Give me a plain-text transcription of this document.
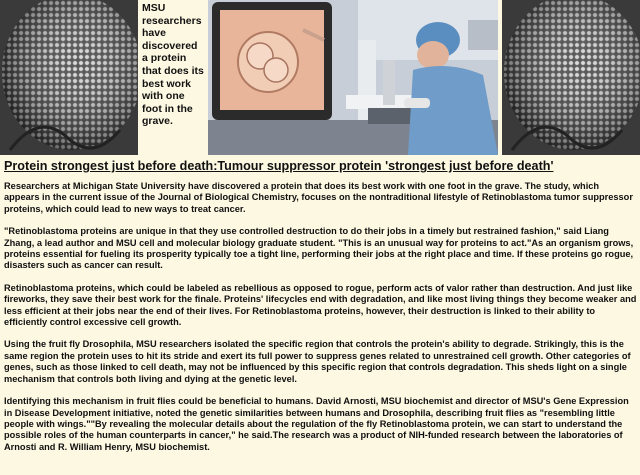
MSU researchers have discovered a protein that does its best work with one foot in the grave.
Protein strongest just before death:Tumour suppressor protein 'strongest just before death'

Researchers at Michigan State University have discovered a protein that does its best work with one foot in the grave. The study, which appears in the current issue of the Journal of Biological Chemistry, focuses on the nontraditional lifestyle of Retinoblastoma tumor suppressor proteins, which could lead to new ways to treat cancer.

"Retinoblastoma proteins are unique in that they use controlled destruction to do their jobs in a timely but restrained fashion," said Liang Zhang, a lead author and MSU cell and molecular biology graduate student. "This is an unusual way for proteins to act."As an organism grows, proteins essential for fueling its prosperity typically toe a tight line, performing their jobs at the right place and time. If these proteins go rogue, disasters such as cancer can result.

Retinoblastoma proteins, which could be labeled as rebellious as opposed to rogue, perform acts of valor rather than destruction. And just like fireworks, they save their best work for the finale. Proteins' lifecycles end with degradation, and like most living things they become weaker and less efficient at their jobs near the end of their lives. For Retinoblastoma proteins, however, their destruction is linked to their ability to efficiently control excessive cell growth.

Using the fruit fly Drosophila, MSU researchers isolated the specific region that controls the protein's ability to degrade. Strikingly, this is the same region the protein uses to hit its stride and exert its full power to suppress genes related to unrestrained cell growth. Other categories of genes, such as those linked to cell death, may not be influenced by this specific region that controls degradation. This sheds light on a single mechanism that controls both living and dying at the genetic level.

Identifying this mechanism in fruit flies could be beneficial to humans. David Arnosti, MSU biochemist and director of MSU's Gene Expression in Disease Development initiative, noted the genetic similarities between humans and Drosophila, describing fruit flies as "resembling little people with wings.""By revealing the molecular details about the regulation of the fly Retinoblastoma protein, we can start to understand the possible roles of the human counterparts in cancer," he said.The research was a product of NIH-funded research between the laboratories of Arnosti and R. William Henry, MSU biochemist.
